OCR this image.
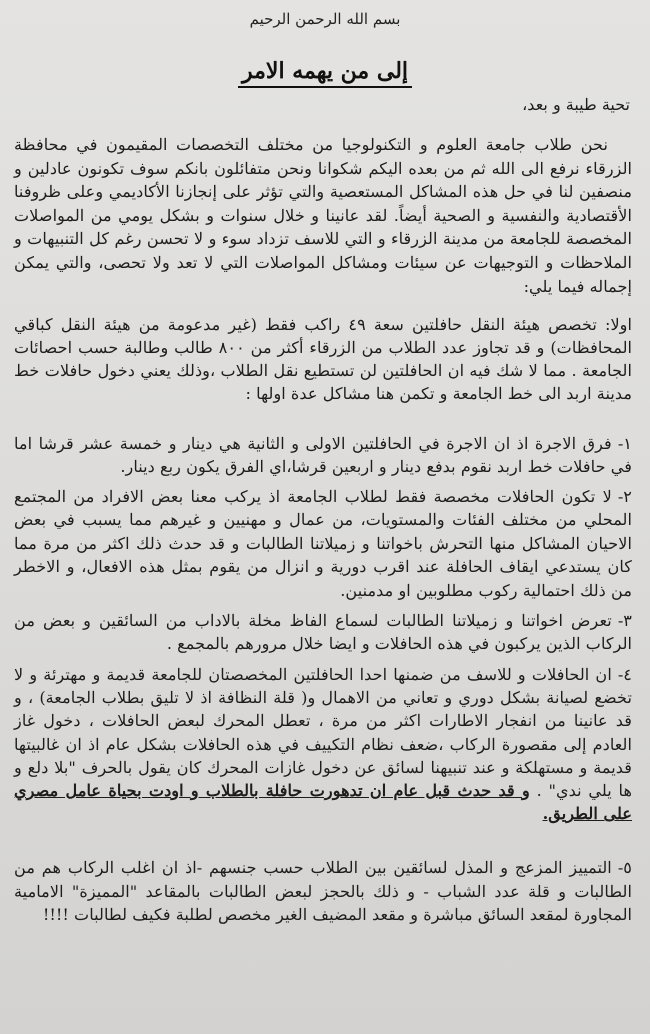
بسم الله الرحمن الرحيم
إلى من يهمه الامر
تحية طيبة و بعد،
نحن طلاب جامعة العلوم و التكنولوجيا من مختلف التخصصات المقيمون في محافظة الزرقاء نرفع الى الله ثم من بعده اليكم شكوانا ونحن متفائلون بانكم سوف تكونون عادلين و منصفين لنا في حل هذه المشاكل المستعصية والتي تؤثر على إنجازنا الأكاديمي وعلى ظروفنا الأقتصادية والنفسية و الصحية أيضاً. لقد عانينا و خلال سنوات و بشكل يومي من المواصلات المخصصة للجامعة من مدينة الزرقاء و التي للاسف تزداد سوء و لا تحسن رغم كل التنبيهات و الملاحظات و التوجيهات عن سيئات ومشاكل المواصلات التي لا تعد ولا تحصى، والتي يمكن إجماله فيما يلي:
اولا: تخصص هيئة النقل حافلتين سعة ٤٩ راكب فقط (غير مدعومة من هيئة النقل كباقي المحافظات) و قد تجاوز عدد الطلاب من الزرقاء أكثر من ٨٠٠ طالب وطالبة حسب احصائات الجامعة . مما لا شك فيه ان الحافلتين لن تستطيع نقل الطلاب ،وذلك يعني دخول حافلات خط مدينة اربد الى خط الجامعة و تكمن هنا مشاكل عدة اولها :
١-فرق الاجرة اذ ان الاجرة في الحافلتين الاولى و الثانية هي دينار و خمسة عشر قرشا اما في حافلات خط اربد نقوم بدفع دينار و اربعين قرشا،اي الفرق يكون ربع دينار.
٢-لا تكون الحافلات مخصصة فقط لطلاب الجامعة اذ يركب معنا بعض الافراد من المجتمع المحلي من مختلف الفئات والمستويات، من عمال و مهنيين و غيرهم مما يسبب في بعض الاحيان المشاكل منها التحرش باخواتنا و زميلاتنا الطالبات و قد حدث ذلك اكثر من مرة مما كان يستدعي ايقاف الحافلة عند اقرب دورية و انزال من يقوم بمثل هذه الافعال، و الاخطر من ذلك احتمالية ركوب مطلوبين او مدمنين.
٣-تعرض اخواتنا و زميلاتنا الطالبات لسماع الفاظ مخلة بالاداب من السائقين و بعض من الركاب الذين يركبون في هذه الحافلات و ايضا خلال مرورهم بالمجمع .
٤-ان الحافلات و للاسف من ضمنها احدا الحافلتين المخصصتان للجامعة قديمة و مهترئة و لا تخضع لصيانة بشكل دوري و تعاني من الاهمال و( قلة النظافة اذ لا تليق بطلاب الجامعة) ، و قد عانينا من انفجار الاطارات اكثر من مرة ، تعطل المحرك لبعض الحافلات ، دخول غاز العادم إلى مقصورة الركاب ،ضعف نظام التكييف في هذه الحافلات بشكل عام اذ ان غالبيتها قديمة و مستهلكة و عند تنبيهنا لسائق عن دخول غازات المحرك كان يقول بالحرف "بلا دلع و ها يلي ندي" . و قد حدث قبل عام ان تدهورت حافلة بالطلاب و اودت بحياة عامل مصري على الطريق.
٥-التمييز المزعج و المذل لسائقين بين الطلاب حسب جنسهم -اذ ان اغلب الركاب هم من الطالبات و قلة عدد الشباب - و ذلك بالحجز لبعض الطالبات بالمقاعد "المميزة" الامامية المجاورة لمقعد السائق مباشرة و مقعد المضيف الغير مخصص لطلبة فكيف لطالبات !!!!
